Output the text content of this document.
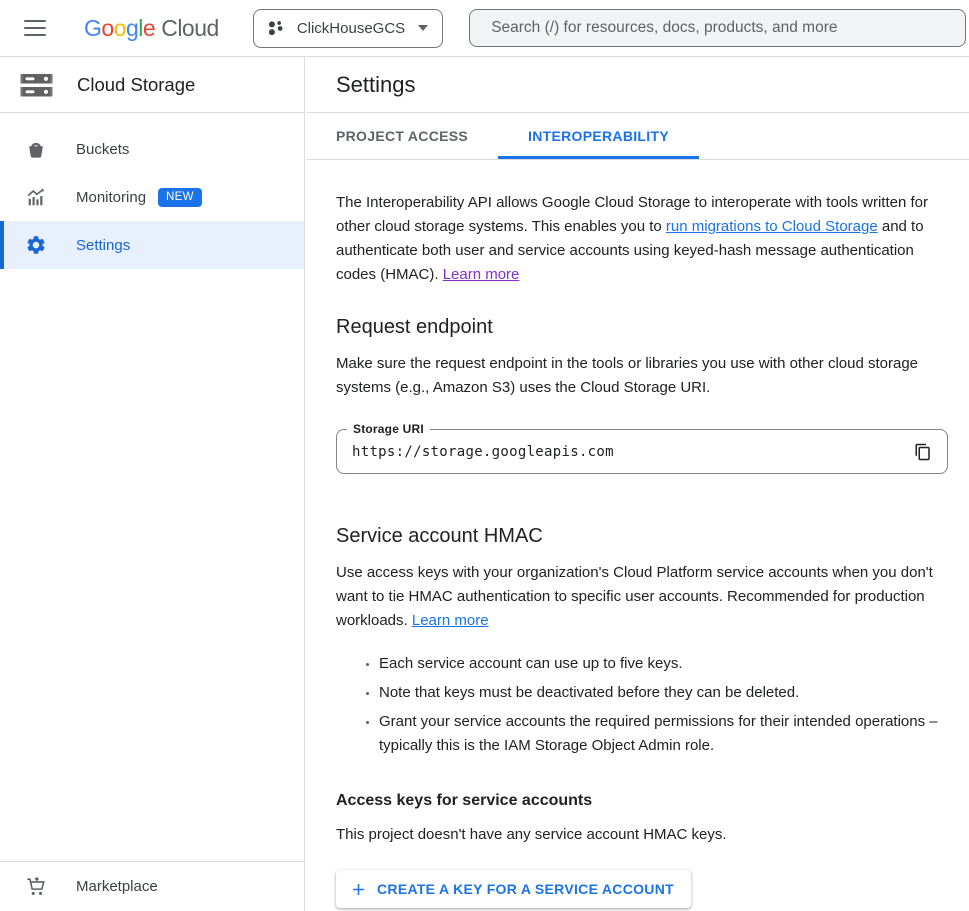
Google Cloud	ClickHouseGCS
Search (/) for resources, docs, products, and more
Cloud Storage
Buckets
Monitoring	NEW
Settings
Marketplace
Settings
PROJECT ACCESS	INTEROPERABILITY

The Interoperability API allows Google Cloud Storage to interoperate with tools written for other cloud storage systems. This enables you to run migrations to Cloud Storage and to authenticate both user and service accounts using keyed-hash message authentication codes (HMAC). Learn more

Request endpoint

Make sure the request endpoint in the tools or libraries you use with other cloud storage systems (e.g., Amazon S3) uses the Cloud Storage URI.

Storage URI
https://storage.googleapis.com
Service account HMAC

Use access keys with your organization's Cloud Platform service accounts when you don't want to tie HMAC authentication to specific user accounts. Recommended for production workloads. Learn more

• Each service account can use up to five keys.
• Note that keys must be deactivated before they can be deleted.
• Grant your service accounts the required permissions for their intended operations – typically this is the IAM Storage Object Admin role.
Access keys for service accounts

This project doesn't have any service account HMAC keys.

CREATE A KEY FOR A SERVICE ACCOUNT
